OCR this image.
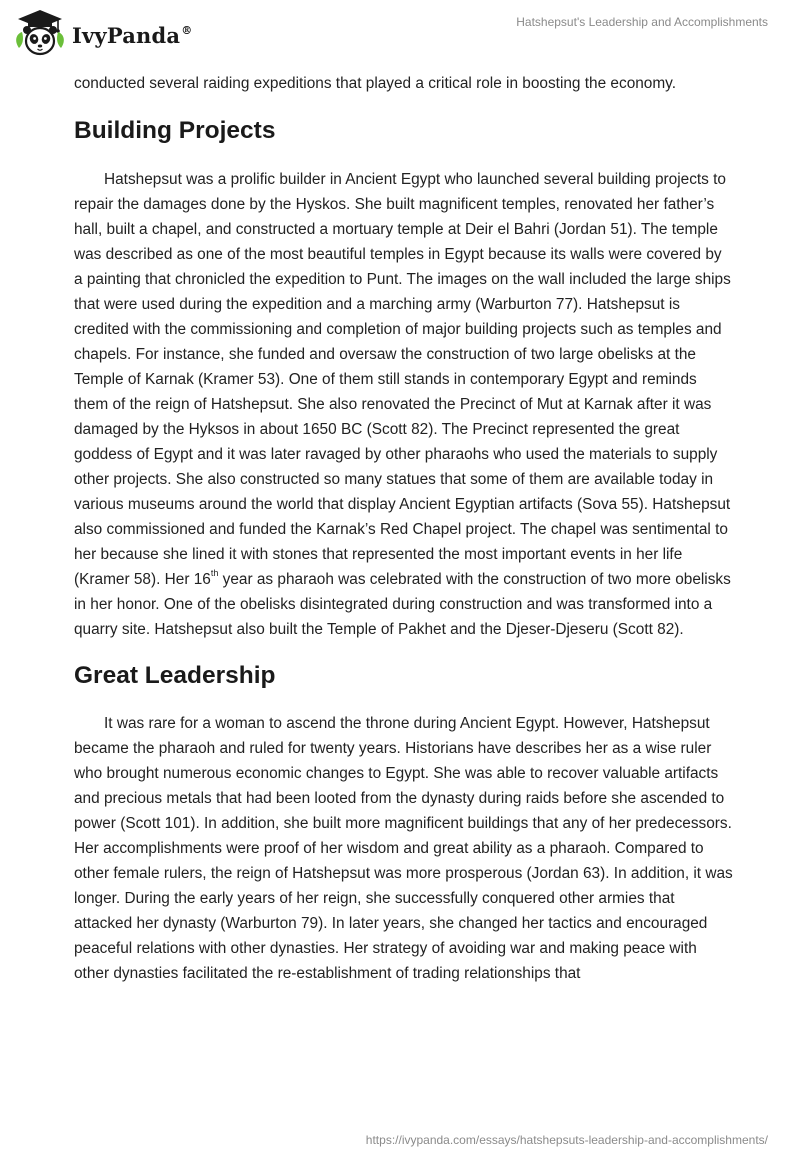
IvyPanda®
Hatshepsut's Leadership and Accomplishments

conducted several raiding expeditions that played a critical role in boosting the economy.

Building Projects

Hatshepsut was a prolific builder in Ancient Egypt who launched several building projects to repair the damages done by the Hyskos. She built magnificent temples, renovated her father’s hall, built a chapel, and constructed a mortuary temple at Deir el Bahri (Jordan 51). The temple was described as one of the most beautiful temples in Egypt because its walls were covered by a painting that chronicled the expedition to Punt. The images on the wall included the large ships that were used during the expedition and a marching army (Warburton 77). Hatshepsut is credited with the commissioning and completion of major building projects such as temples and chapels. For instance, she funded and oversaw the construction of two large obelisks at the Temple of Karnak (Kramer 53). One of them still stands in contemporary Egypt and reminds them of the reign of Hatshepsut. She also renovated the Precinct of Mut at Karnak after it was damaged by the Hyksos in about 1650 BC (Scott 82). The Precinct represented the great goddess of Egypt and it was later ravaged by other pharaohs who used the materials to supply other projects. She also constructed so many statues that some of them are available today in various museums around the world that display Ancient Egyptian artifacts (Sova 55). Hatshepsut also commissioned and funded the Karnak’s Red Chapel project. The chapel was sentimental to her because she lined it with stones that represented the most important events in her life (Kramer 58). Her 16th year as pharaoh was celebrated with the construction of two more obelisks in her honor. One of the obelisks disintegrated during construction and was transformed into a quarry site. Hatshepsut also built the Temple of Pakhet and the Djeser-Djeseru (Scott 82).

Great Leadership

It was rare for a woman to ascend the throne during Ancient Egypt. However, Hatshepsut became the pharaoh and ruled for twenty years. Historians have describes her as a wise ruler who brought numerous economic changes to Egypt. She was able to recover valuable artifacts and precious metals that had been looted from the dynasty during raids before she ascended to power (Scott 101). In addition, she built more magnificent buildings that any of her predecessors. Her accomplishments were proof of her wisdom and great ability as a pharaoh. Compared to other female rulers, the reign of Hatshepsut was more prosperous (Jordan 63). In addition, it was longer. During the early years of her reign, she successfully conquered other armies that attacked her dynasty (Warburton 79). In later years, she changed her tactics and encouraged peaceful relations with other dynasties. Her strategy of avoiding war and making peace with other dynasties facilitated the re-establishment of trading relationships that

https://ivypanda.com/essays/hatshepsuts-leadership-and-accomplishments/
